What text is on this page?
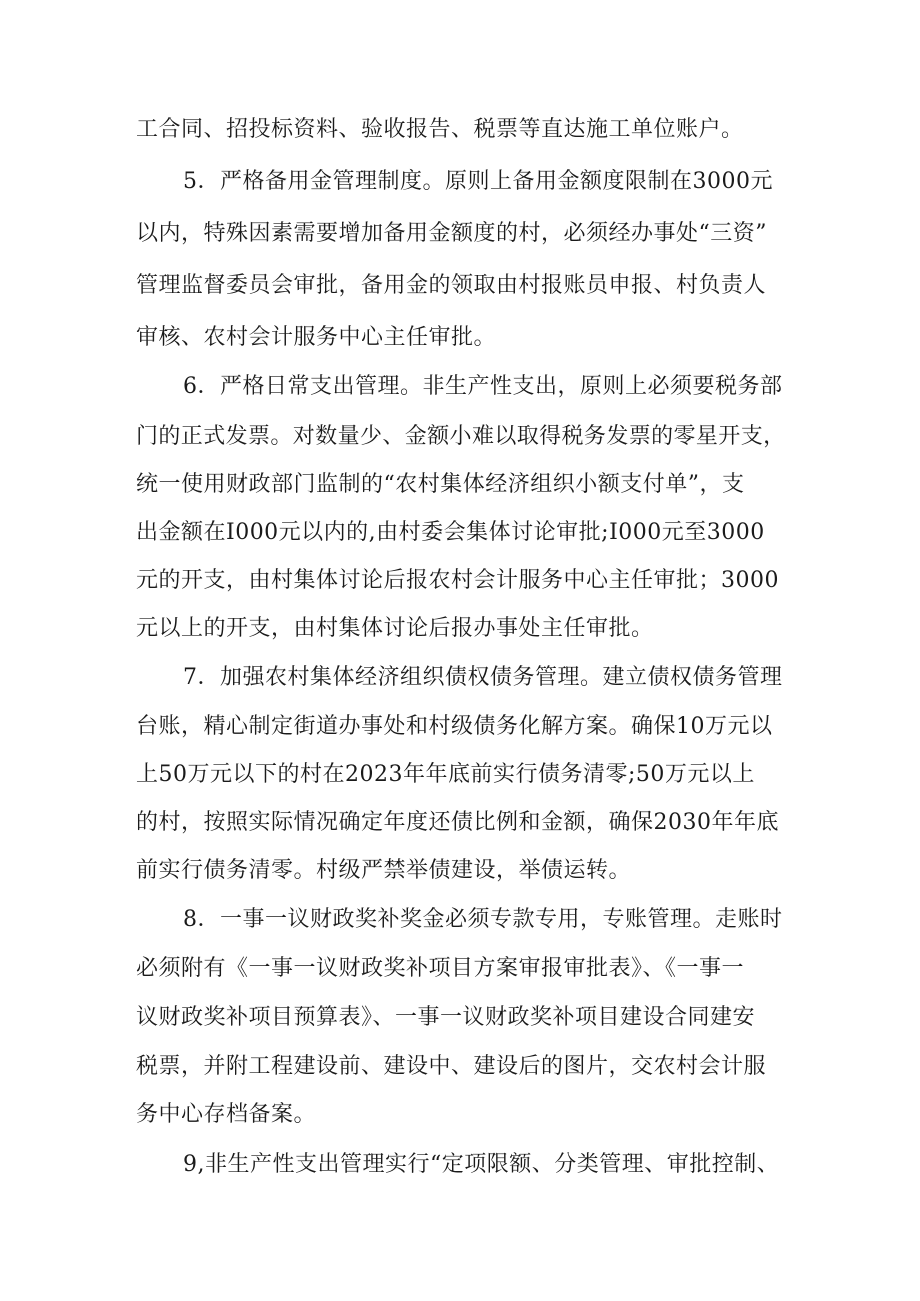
工合同、招投标资料、验收报告、税票等直达施工单位账户。
5．严格备用金管理制度。原则上备用金额度限制在3000元
以内，特殊因素需要增加备用金额度的村，必须经办事处“三资”
管理监督委员会审批，备用金的领取由村报账员申报、村负责人
审核、农村会计服务中心主任审批。
6．严格日常支出管理。非生产性支出，原则上必须要税务部
门的正式发票。对数量少、金额小难以取得税务发票的零星开支，
统一使用财政部门监制的“农村集体经济组织小额支付单”，支
出金额在I000元以内的,由村委会集体讨论审批;I000元至3000
元的开支，由村集体讨论后报农村会计服务中心主任审批；3000
元以上的开支，由村集体讨论后报办事处主任审批。
7．加强农村集体经济组织债权债务管理。建立债权债务管理
台账，精心制定街道办事处和村级债务化解方案。确保10万元以
上50万元以下的村在2023年年底前实行债务清零;50万元以上
的村，按照实际情况确定年度还债比例和金额，确保2030年年底
前实行债务清零。村级严禁举债建设，举债运转。
8．一事一议财政奖补奖金必须专款专用，专账管理。走账时
必须附有《一事一议财政奖补项目方案审报审批表》、《一事一
议财政奖补项目预算表》、一事一议财政奖补项目建设合同建安
税票，并附工程建设前、建设中、建设后的图片，交农村会计服
务中心存档备案。
9,非生产性支出管理实行“定项限额、分类管理、审批控制、
